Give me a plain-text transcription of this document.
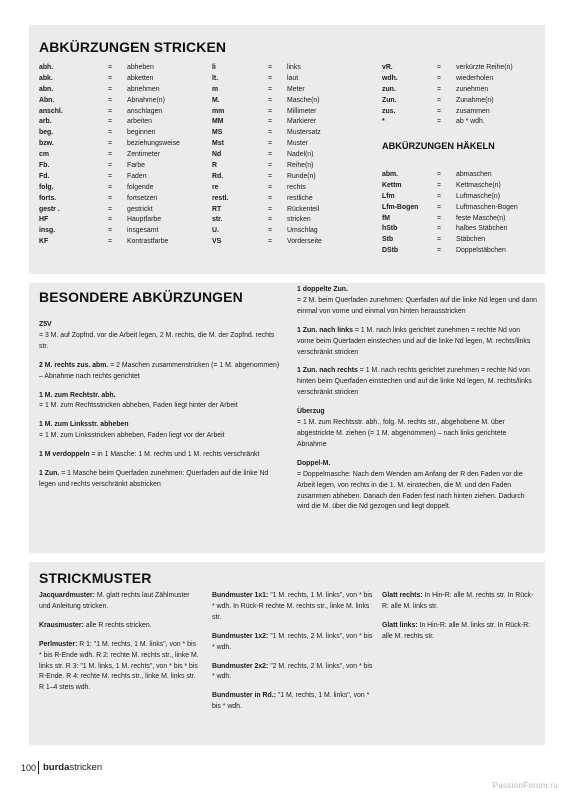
ABKÜRZUNGEN STRICKEN
abh.	= abheben
abk.	= abketten
abn.	= abnehmen
Abn.	= Abnahme(n)
anschl.	= anschlagen
arb.	= arbeiten
beg.	= beginnen
bzw.	= beziehungsweise
cm	= Zentimeter
Fb.	= Farbe
Fd.	= Faden
folg.	= folgende
forts.	= fortsetzen
gestr .	= gestrickt
HF	= Hauptfarbe
insg.	= insgesamt
KF	= Kontrastfarbe
li	= links
lt.	= laut
m	= Meter
M.	= Masche(n)
mm	= Millimeter
MM	= Markierer
MS	= Mustersatz
Mst	= Muster
Nd	= Nadel(n)
R	= Reihe(n)
Rd.	= Runde(n)
re	= rechts
restl.	= restliche
RT	= Rückenteil
str.	= stricken
U.	= Umschlag
VS	= Vorderseite
vR.	= verkürzte Reihe(n)
wdh.	= wiederholen
zun.	= zunehmen
Zun.	= Zunahme(n)
zus.	= zusammen
*	= ab * wdh.
ABKÜRZUNGEN HÄKELN
abm.	= abmaschen
Kettm	= Kettmasche(n)
Lfm	= Luftmasche(n)
Lfm-Bogen	= Luftmaschen-Bogen
fM	= feste Masche(n)
hStb	= halbes Stäbchen
Stb	= Stäbchen
DStb	= Doppelstäbchen
BESONDERE ABKÜRZUNGEN

Z5V
= 3 M. auf Zopfnd. vor die Arbeit legen, 2 M. rechts, die M. der Zopfnd. rechts str.

2 M. rechts zus. abm. = 2 Maschen zusammenstricken (= 1 M. abgenommen) – Abnahme nach rechts gerichtet

1 M. zum Rechtstr. abh.
= 1 M. zum Rechtsstricken abheben, Faden liegt hinter der Arbeit

1 M. zum Linksstr. abheben
= 1 M. zum Linksstricken abheben, Faden liegt vor der Arbeit

1 M verdoppeln = in 1 Masche: 1 M. rechts und 1 M. rechts verschränkt

1 Zun. = 1 Masche beim Querfaden zunehmen: Querfaden auf die linke Nd legen und rechts verschränkt abstricken

1 doppelte Zun.
= 2 M. beim Querfaden zunehmen: Querfaden auf die linke Nd legen und dann einmal von vorne und einmal von hinten herausstricken

1 Zun. nach links = 1 M. nach links gerichtet zunehmen = rechte Nd von vorne beim Querfaden einstechen und auf die linke Nd legen, M. rechts/links verschränkt stricken

1 Zun. nach rechts = 1 M. nach rechts gerichtet zunehmen = rechte Nd von hinten beim Querfaden einstechen und auf die linke Nd legen, M. rechts/links verschränkt stricken

Überzug
= 1 M. zum Rechtsstr. abh., folg. M. rechts str., abgehobene M. über abgestrickte M. ziehen (= 1 M. abgenommen) – nach links gerichtete Abnahme

Doppel-M.
= Doppelmasche: Nach dem Wenden am Anfang der R den Faden vor die Arbeit legen, von rechts in die 1. M. einstechen, die M. und den Faden zusammen abheben. Danach den Faden fest nach hinten ziehen. Dadurch wird die M. über die Nd gezogen und liegt doppelt.

STRICKMUSTER

Jacquardmuster: M. glatt rechts laut Zählmuster und Anleitung stricken.

Krausmuster: alle R rechts stricken.

Perlmuster: R 1: "1 M. rechts, 1 M. links", von * bis * bis R-Ende wdh. R 2: rechte M. rechts str., linke M. links str. R 3: "1 M. links, 1 M. rechts", von * bis * bis R-Ende. R 4: rechte M. rechts str., linke M. links str. R 1–4 stets wdh.

Bundmuster 1x1: "1 M. rechts, 1 M. links", von * bis * wdh. In Rück-R rechte M. rechts str., linke M. links str.

Bundmuster 1x2: "1 M. rechts, 2 M. links", von * bis * wdh.

Bundmuster 2x2: "2 M. rechts, 2 M. links", von * bis * wdh.

Bundmuster in Rd.: "1 M. rechts, 1 M. links", von * bis * wdh.

Glatt rechts: In Hin-R: alle M. rechts str. In Rück-R: alle M. links str.

Glatt links: In Hin-R: alle M. links str. In Rück-R: alle M. rechts str.

100 burdastricken
PassionForum.ru
